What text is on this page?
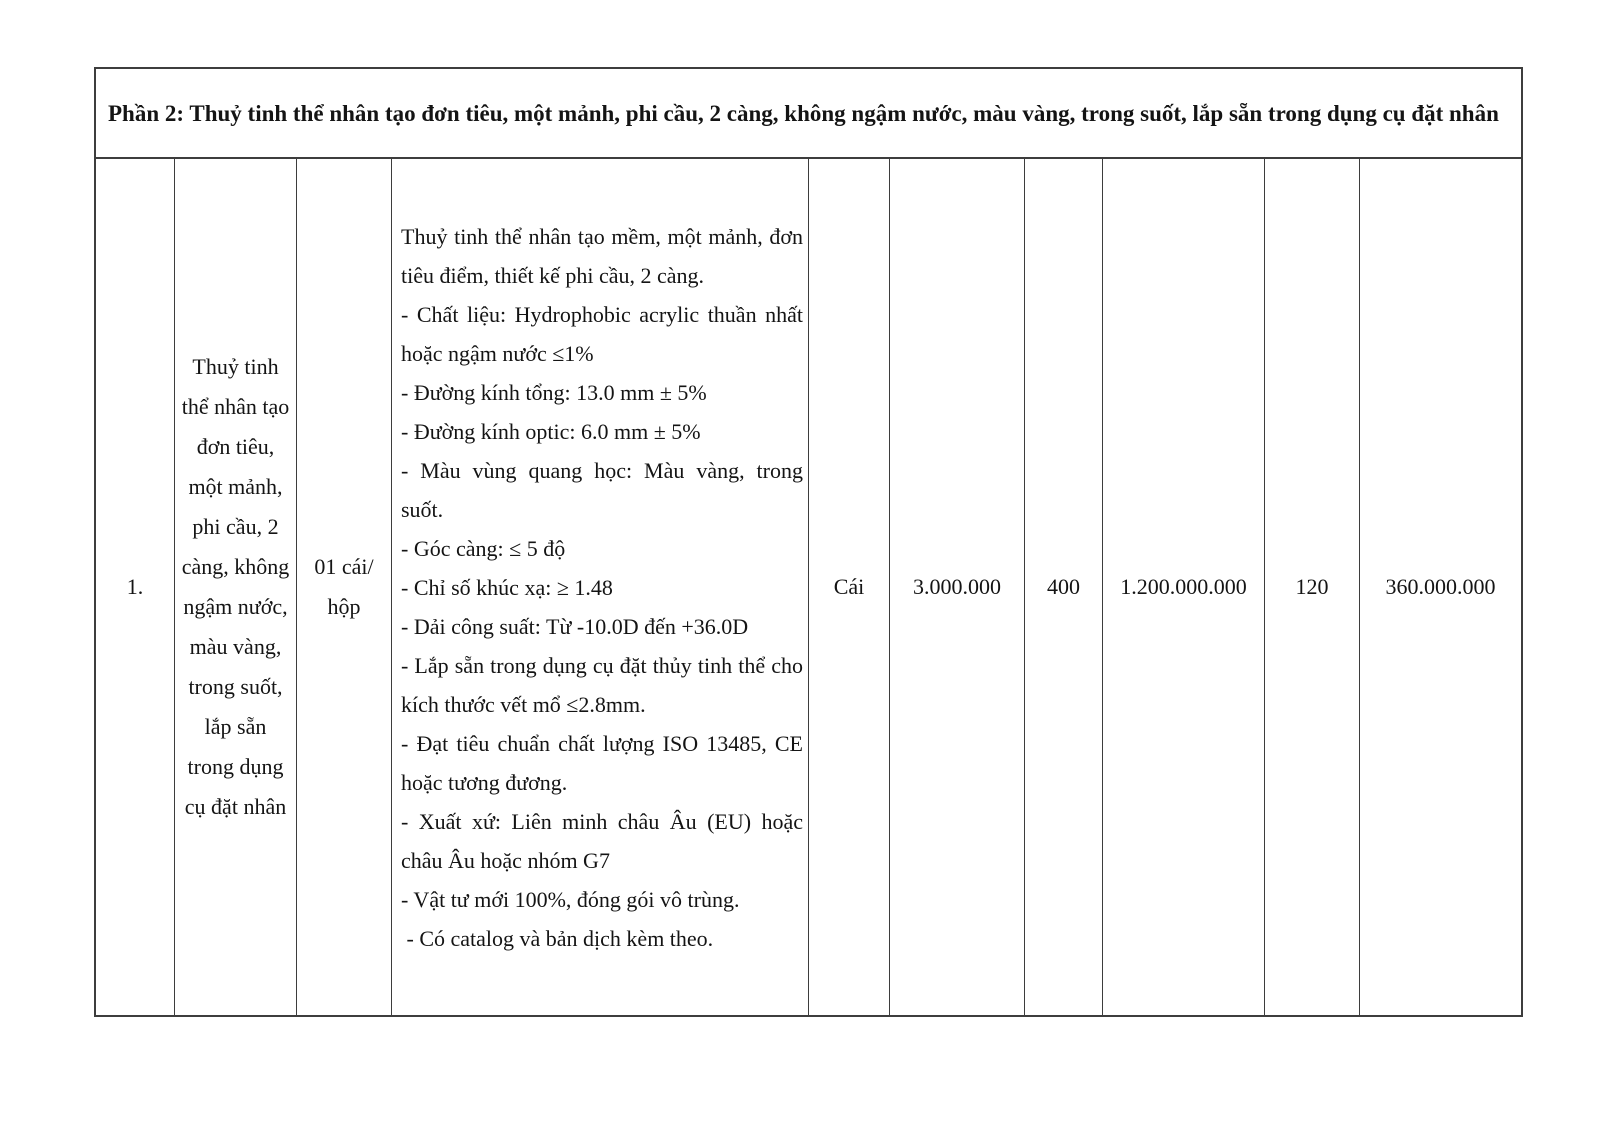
Phần 2: Thuỷ tinh thể nhân tạo đơn tiêu, một mảnh, phi cầu, 2 càng, không ngậm nước, màu vàng, trong suốt, lắp sẵn trong dụng cụ đặt nhân
1.
Thuỷ tinh thể nhân tạo đơn tiêu, một mảnh, phi cầu, 2 càng, không ngậm nước, màu vàng, trong suốt, lắp sẵn trong dụng cụ đặt nhân
01 cái/ hộp
Thuỷ tinh thể nhân tạo mềm, một mảnh, đơn tiêu điểm, thiết kế phi cầu, 2 càng.
- Chất liệu: Hydrophobic acrylic thuần nhất hoặc ngậm nước ≤1%
- Đường kính tổng: 13.0 mm ± 5%
- Đường kính optic: 6.0 mm ± 5%
- Màu vùng quang học: Màu vàng, trong suốt.
- Góc càng: ≤ 5 độ
- Chỉ số khúc xạ: ≥ 1.48
- Dải công suất: Từ -10.0D đến +36.0D
- Lắp sẵn trong dụng cụ đặt thủy tinh thể cho kích thước vết mổ ≤2.8mm.
- Đạt tiêu chuẩn chất lượng ISO 13485, CE hoặc tương đương.
- Xuất xứ: Liên minh châu Âu (EU) hoặc châu Âu hoặc nhóm G7
- Vật tư mới 100%, đóng gói vô trùng.
- Có catalog và bản dịch kèm theo.
Cái 3.000.000 400 1.200.000.000 120	360.000.000
